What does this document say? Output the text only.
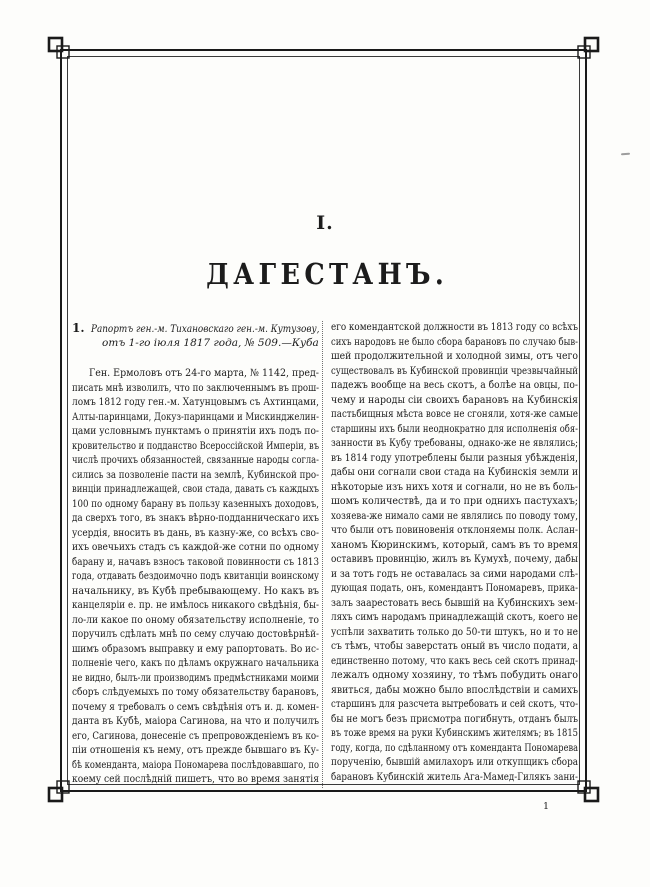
I.
ДАГЕСТАНЪ.
1. Рапортъ ген.-м. Тихановскаго ген.-м. Кутузову,
отъ 1-го іюля 1817 года, № 509.—Куба
Ген. Ермоловъ отъ 24-го марта, № 1142, пред-
писать мнѣ изволилъ, что по заключеннымъ въ прош-
ломъ 1812 году ген.-м. Хатунцовымъ съ Ахтинцами,
Алты-паринцами, Докуз-паринцами и Мискинджелин-
цами условнымъ пунктамъ о принятіи ихъ подъ по-
кровительство и подданство Всероссійской Имперіи, въ
числѣ прочихъ обязанностей, связанные народы согла-
сились за позволеніе пасти на землѣ, Кубинской про-
винціи принадлежащей, свои стада, давать съ каждыхъ
100 по одному барану въ пользу казенныхъ доходовъ,
да сверхъ того, въ знакъ вѣрно-подданническаго ихъ
усердія, вносить въ дань, въ казну-же, со всѣхъ сво-
ихъ овечьихъ стадъ съ каждой-же сотни по одному
барану и, начавъ взносъ таковой повинности съ 1813
года, отдавать бездоимочно подъ квитанціи воинскому
начальнику, въ Кубѣ пребывающему. Но какъ въ
канцеляріи е. пр. не имѣлось никакого свѣдѣнія, бы-
ло-ли какое по оному обязательству исполненіе, то
поручилъ сдѣлать мнѣ по сему случаю достовѣрнѣй-
шимъ образомъ выправку и ему рапортовать. Во ис-
полненіе чего, какъ по дѣламъ окружнаго начальника
не видно, былъ-ли производимъ предмѣстниками моими
сборъ слѣдуемыхъ по тому обязательству барановъ,
почему я требовалъ о семъ свѣдѣнія отъ и. д. комен-
данта въ Кубѣ, маіора Сагинова, на что и получилъ
его, Сагинова, донесеніе съ препровожденіемъ въ ко-
піи отношенія къ нему, отъ прежде бывшаго въ Ку-
бѣ коменданта, маіора Пономарева послѣдовавшаго, по
коему сей послѣдній пишетъ, что во время занятія
его комендантской должности въ 1813 году со всѣхъ
сихъ народовъ не было сбора барановъ по случаю быв-
шей продолжительной и холодной зимы, отъ чего
существовалъ въ Кубинской провинціи чрезвычайный
падежъ вообще на весь скотъ, а болѣе на овцы, по-
чему и народы сіи своихъ барановъ на Кубинскія
пастьбищныя мѣста вовсе не сгоняли, хотя-же самые
старшины ихъ были неоднократно для исполненія обя-
занности въ Кубу требованы, однако-же не являлись;
въ 1814 году употреблены были разныя убѣжденія,
дабы они согнали свои стада на Кубинскія земли и
нѣкоторые изъ нихъ хотя и согнали, но не въ боль-
шомъ количествѣ, да и то при однихъ пастухахъ;
хозяева-же нимало сами не являлись по поводу тому,
что были отъ повиновенія отклоняемы полк. Аслан-
ханомъ Кюринскимъ, который, самъ въ то время
оставивъ провинцію, жилъ въ Кумухѣ, почему, дабы
и за тотъ годъ не оставалась за сими народами слѣ-
дующая подать, онъ, комендантъ Пономаревъ, прика-
залъ заарестовать весь бывшій на Кубинскихъ зем-
ляхъ симъ народамъ принадлежащій скотъ, коего не
успѣли захватить только до 50-ти штукъ, но и то не
съ тѣмъ, чтобы заверстать оный въ число подати, а
единственно потому, что какъ весь сей скотъ принад-
лежалъ одному хозяину, то тѣмъ побудить онаго
явиться, дабы можно было впослѣдствіи и самихъ
старшинъ для разсчета вытребовать и сей скотъ, что-
бы не могъ безъ присмотра погибнуть, отданъ былъ
въ тоже время на руки Кубинскимъ жителямъ; въ 1815
году, когда, по сдѣланному отъ коменданта Пономарева
порученію, бывшій амилахоръ или откупщикъ сбора
барановъ Кубинскій житель Ага-Мамед-Гилякъ зани-
1
